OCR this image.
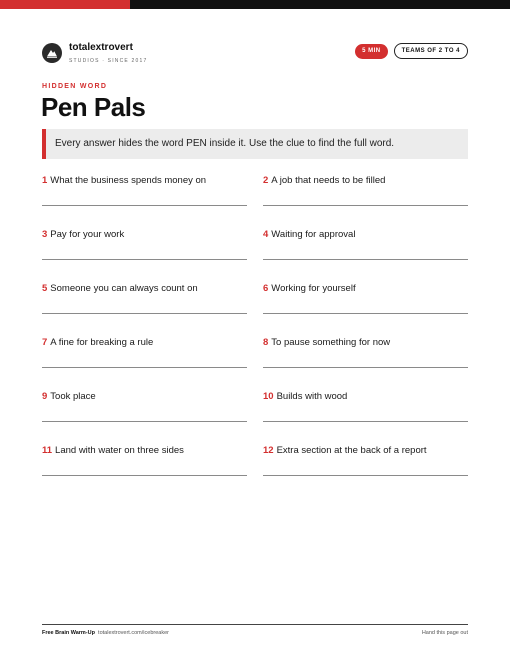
totalextrovert
STUDIOS · SINCE 2017
5 MIN	TEAMS OF 2 TO 4
HIDDEN WORD
Pen Pals
Every answer hides the word PEN inside it. Use the clue to find the full word.
1 What the business spends money on	2 A job that needs to be filled
3 Pay for your work	4 Waiting for approval
5 Someone you can always count on	6 Working for yourself
7 A fine for breaking a rule	8 To pause something for now
9 Took place	10 Builds with wood
11 Land with water on three sides	12 Extra section at the back of a report
Free Brain Warm-Up totalextrovert.com/icebreaker	Hand this page out
